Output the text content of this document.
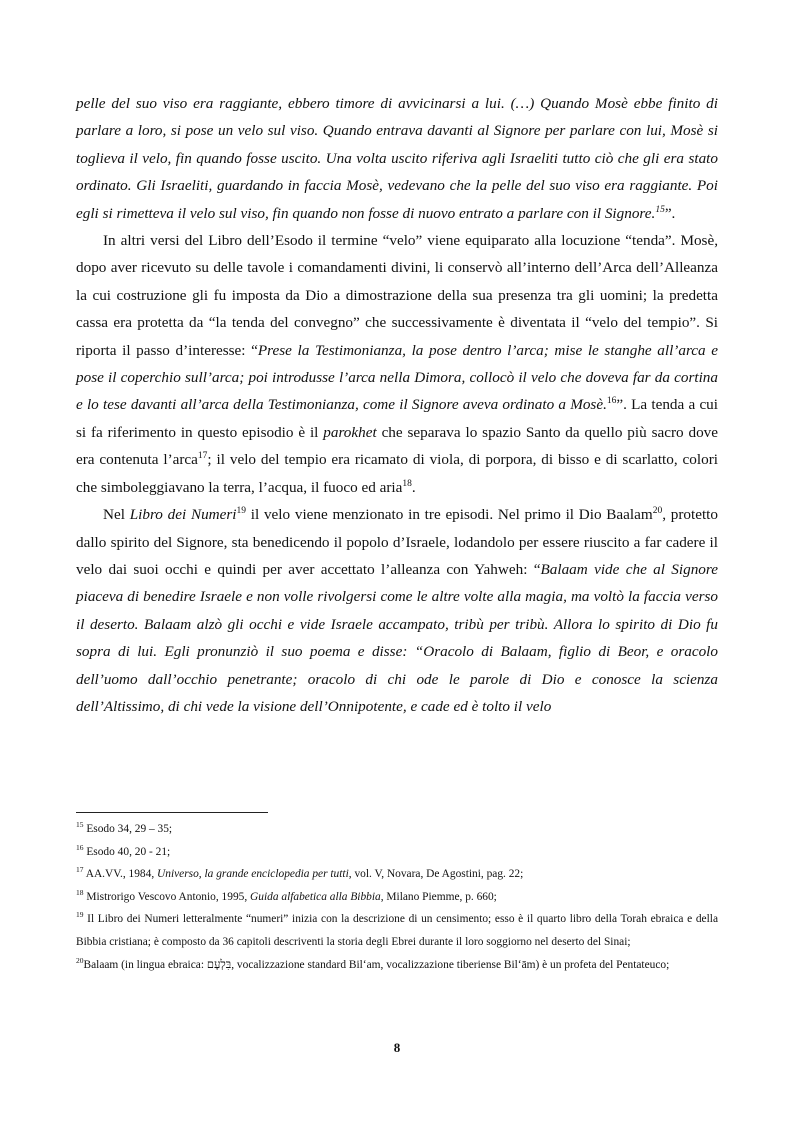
pelle del suo viso era raggiante, ebbero timore di avvicinarsi a lui. (…) Quando Mosè ebbe finito di parlare a loro, si pose un velo sul viso. Quando entrava davanti al Signore per parlare con lui, Mosè si toglieva il velo, fin quando fosse uscito. Una volta uscito riferiva agli Israeliti tutto ciò che gli era stato ordinato. Gli Israeliti, guardando in faccia Mosè, vedevano che la pelle del suo viso era raggiante. Poi egli si rimetteva il velo sul viso, fin quando non fosse di nuovo entrato a parlare con il Signore.$^{15}$”.

In altri versi del Libro dell’Esodo il termine “velo” viene equiparato alla locuzione “tenda”. Mosè, dopo aver ricevuto su delle tavole i comandamenti divini, li conservò all’interno dell’Arca dell’Alleanza la cui costruzione gli fu imposta da Dio a dimostrazione della sua presenza tra gli uomini; la predetta cassa era protetta da “la tenda del convegno” che successivamente è diventata il “velo del tempio”. Si riporta il passo d’interesse: “Prese la Testimonianza, la pose dentro l’arca; mise le stanghe all’arca e pose il coperchio sull’arca; poi introdusse l’arca nella Dimora, collocò il velo che doveva far da cortina e lo tese davanti all’arca della Testimonianza, come il Signore aveva ordinato a Mosè.$^{16}$”. La tenda a cui si fa riferimento in questo episodio è il parokhet che separava lo spazio Santo da quello più sacro dove era contenuta l’arca$^{17}$; il velo del tempio era ricamato di viola, di porpora, di bisso e di scarlatto, colori che simboleggiavano la terra, l’acqua, il fuoco ed aria$^{18}$.

Nel Libro dei Numeri$^{19}$ il velo viene menzionato in tre episodi. Nel primo il Dio Baalam$^{20}$, protetto dallo spirito del Signore, sta benedicendo il popolo d’Israele, lodandolo per essere riuscito a far cadere il velo dai suoi occhi e quindi per aver accettato l’alleanza con Yahweh: “Balaam vide che al Signore piaceva di benedire Israele e non volle rivolgersi come le altre volte alla magia, ma voltò la faccia verso il deserto. Balaam alzò gli occhi e vide Israele accampato, tribù per tribù. Allora lo spirito di Dio fu sopra di lui. Egli pronunziò il suo poema e disse: “Oracolo di Balaam, figlio di Beor, e oracolo dell’uomo dall’occhio penetrante; oracolo di chi ode le parole di Dio e conosce la scienza dell’Altissimo, di chi vede la visione dell’Onnipotente, e cade ed è tolto il velo

$^{15}$ Esodo 34, 29 – 35;

$^{16}$ Esodo 40, 20 - 21;

$^{17}$ AA.VV., 1984, Universo, la grande enciclopedia per tutti, vol. V, Novara, De Agostini, pag. 22;

$^{18}$ Mistrorigo Vescovo Antonio, 1995, Guida alfabetica alla Bibbia, Milano Piemme, p. 660;

$^{19}$ Il Libro dei Numeri letteralmente “numeri” inizia con la descrizione di un censimento; esso è il quarto libro della Torah ebraica e della Bibbia cristiana; è composto da 36 capitoli descriventi la storia degli Ebrei durante il loro soggiorno nel deserto del Sinai;

$^{20}$Balaam (in lingua ebraica: בִּלְעָם, vocalizzazione standard Bil‘am, vocalizzazione tiberiense Bil‘ām) è un profeta del Pentateuco;

8
